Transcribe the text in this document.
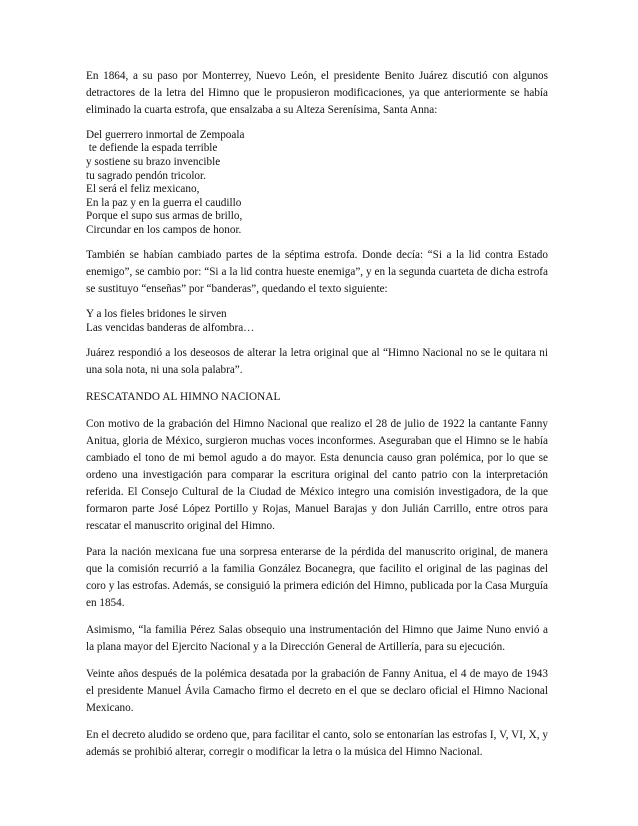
En 1864, a su paso por Monterrey, Nuevo León, el presidente Benito Juárez discutió con algunos detractores de la letra del Himno que le propusieron modificaciones, ya que anteriormente se había eliminado la cuarta estrofa, que ensalzaba a su Alteza Serenísima, Santa Anna:

Del guerrero inmortal de Zempoala
te defiende la espada terrible
y sostiene su brazo invencible
tu sagrado pendón tricolor.
El será el feliz mexicano,
En la paz y en la guerra el caudillo
Porque el supo sus armas de brillo,
Circundar en los campos de honor.

También se habían cambiado partes de la séptima estrofa. Donde decía: “Si a la lid contra Estado enemigo”, se cambio por: “Si a la lid contra hueste enemiga”, y en la segunda cuarteta de dicha estrofa se sustituyo “enseñas” por “banderas”, quedando el texto siguiente:

Y a los fieles bridones le sirven
Las vencidas banderas de alfombra…

Juárez respondió a los deseosos de alterar la letra original que al “Himno Nacional no se le quitara ni una sola nota, ni una sola palabra”.

RESCATANDO AL HIMNO NACIONAL

Con motivo de la grabación del Himno Nacional que realizo el 28 de julio de 1922 la cantante Fanny Anitua, gloria de México, surgieron muchas voces inconformes. Aseguraban que el Himno se le había cambiado el tono de mi bemol agudo a do mayor. Esta denuncia causo gran polémica, por lo que se ordeno una investigación para comparar la escritura original del canto patrio con la interpretación referida. El Consejo Cultural de la Ciudad de México integro una comisión investigadora, de la que formaron parte José López Portillo y Rojas, Manuel Barajas y don Julián Carrillo, entre otros para rescatar el manuscrito original del Himno.

Para la nación mexicana fue una sorpresa enterarse de la pérdida del manuscrito original, de manera que la comisión recurrió a la familia González Bocanegra, que facilito el original de las paginas del coro y las estrofas. Además, se consiguió la primera edición del Himno, publicada por la Casa Murguía en 1854.

Asimismo, “la familia Pérez Salas obsequio una instrumentación del Himno que Jaime Nuno envió a la plana mayor del Ejercito Nacional y a la Dirección General de Artillería, para su ejecución.

Veinte años después de la polémica desatada por la grabación de Fanny Anitua, el 4 de mayo de 1943 el presidente Manuel Ávila Camacho firmo el decreto en el que se declaro oficial el Himno Nacional Mexicano.

En el decreto aludido se ordeno que, para facilitar el canto, solo se entonarían las estrofas I, V, VI, X, y además se prohibió alterar, corregir o modificar la letra o la música del Himno Nacional.
